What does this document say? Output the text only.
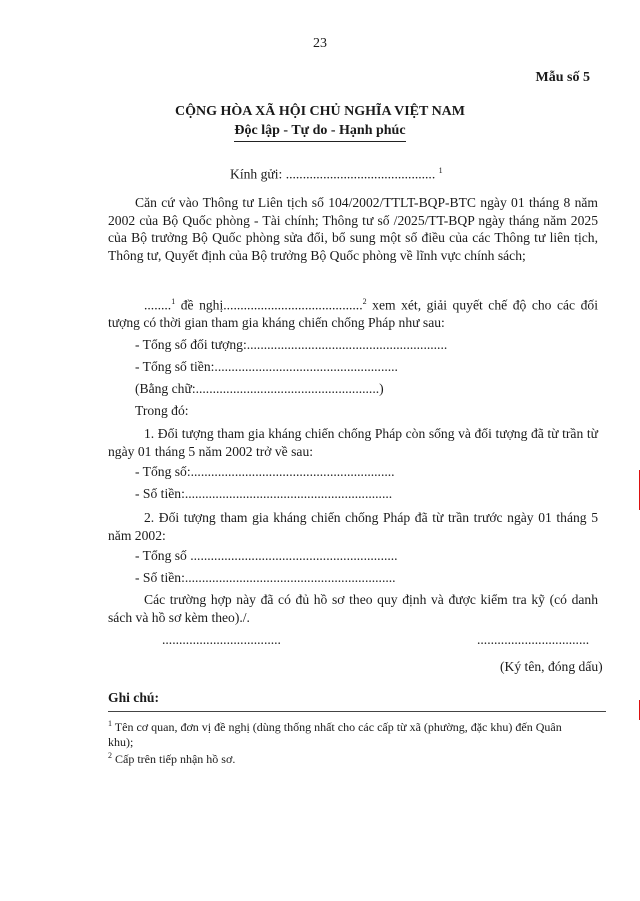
23
Mẫu số 5
CỘNG HÒA XÃ HỘI CHỦ NGHĨA VIỆT NAM
Độc lập - Tự do - Hạnh phúc
Kính gửi: ............................................ $^1$
Căn cứ vào Thông tư Liên tịch số 104/2002/TTLT-BQP-BTC ngày 01 tháng 8 năm 2002 của Bộ Quốc phòng - Tài chính; Thông tư số /2025/TT-BQP ngày tháng năm 2025 của Bộ trưởng Bộ Quốc phòng sửa đổi, bổ sung một số điều của các Thông tư liên tịch, Thông tư, Quyết định của Bộ trưởng Bộ Quốc phòng về lĩnh vực chính sách;
........$^1$ đề nghị.........................................$^2$ xem xét, giải quyết chế độ cho các đối tượng có thời gian tham gia kháng chiến chống Pháp như sau:
- Tổng số đối tượng:...........................................................
- Tổng số tiền:......................................................
(Bằng chữ:......................................................)
Trong đó:
1. Đối tượng tham gia kháng chiến chống Pháp còn sống và đối tượng đã từ trần từ ngày 01 tháng 5 năm 2002 trở về sau:
- Tổng số:............................................................
- Số tiền:.............................................................
2. Đối tượng tham gia kháng chiến chống Pháp đã từ trần trước ngày 01 tháng 5 năm 2002:
- Tổng số .............................................................
- Số tiền:..............................................................
Các trường hợp này đã có đủ hồ sơ theo quy định và được kiểm tra kỹ (có danh sách và hồ sơ kèm theo)./.
...................................	.................................
(Ký tên, đóng dấu)
Ghi chú:
$^1$ Tên cơ quan, đơn vị đề nghị (dùng thống nhất cho các cấp từ xã (phường, đặc khu) đến Quân khu);
$^2$ Cấp trên tiếp nhận hồ sơ.
